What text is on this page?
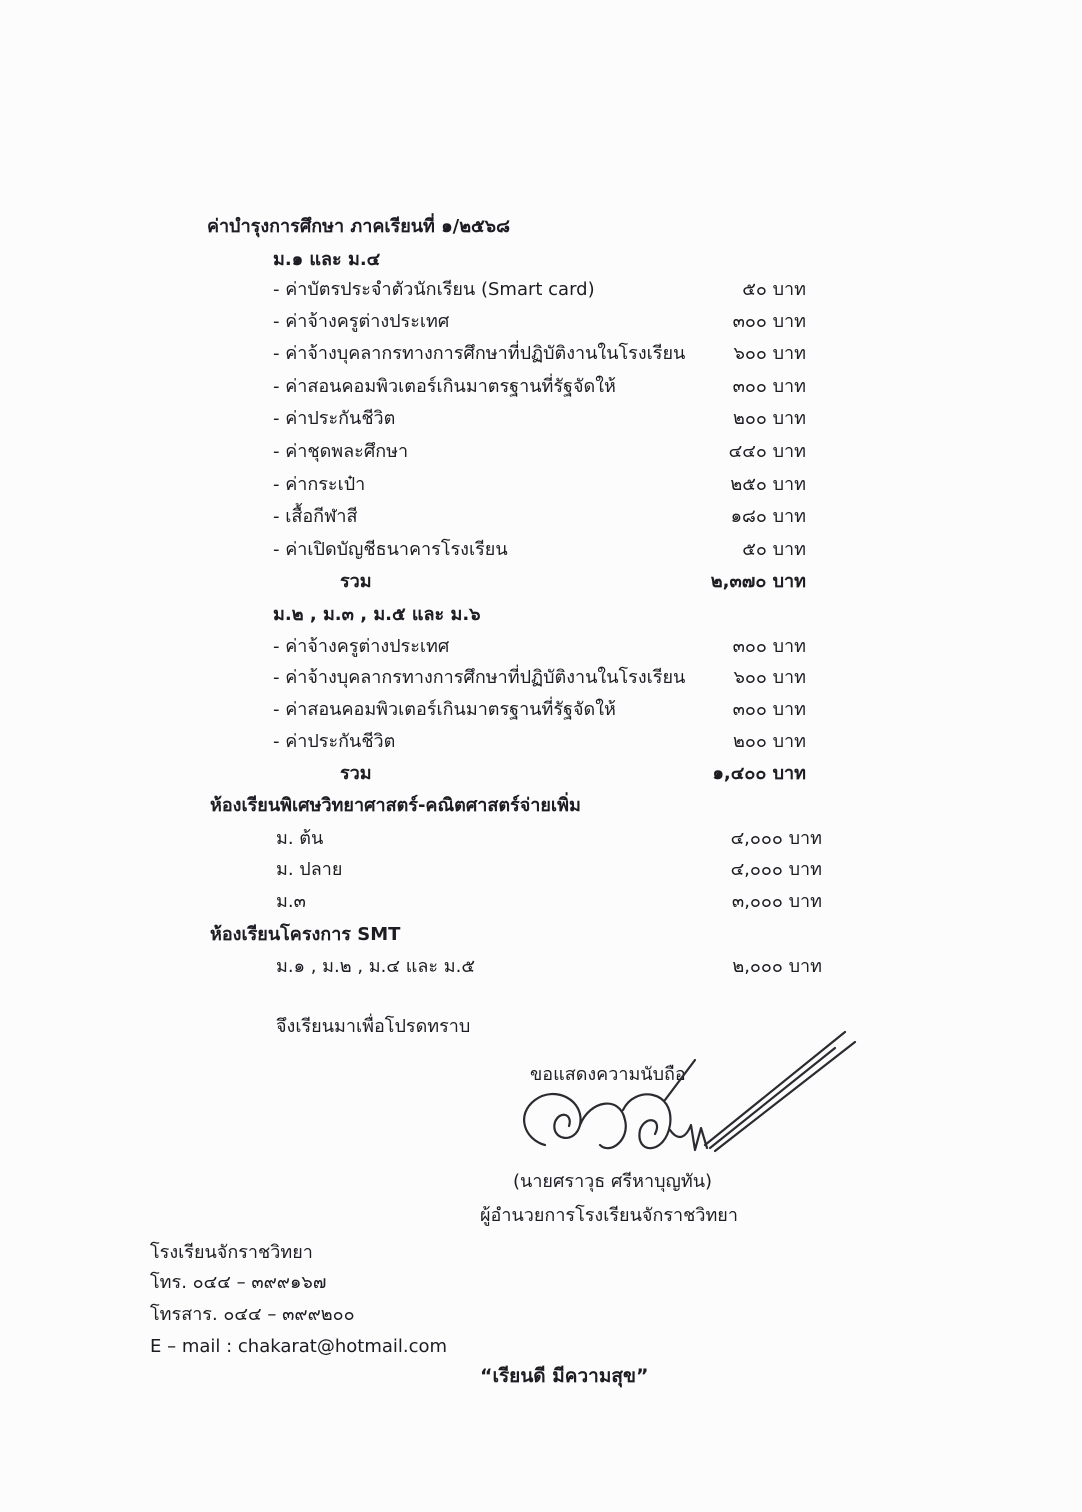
ค่าบำรุงการศึกษา ภาคเรียนที่ ๑/๒๕๖๘
ม.๑ และ ม.๔
- ค่าบัตรประจำตัวนักเรียน (Smart card)	๕๐ บาท
- ค่าจ้างครูต่างประเทศ	๓๐๐ บาท
- ค่าจ้างบุคลากรทางการศึกษาที่ปฏิบัติงานในโรงเรียน	๖๐๐ บาท
- ค่าสอนคอมพิวเตอร์เกินมาตรฐานที่รัฐจัดให้	๓๐๐ บาท
- ค่าประกันชีวิต	๒๐๐ บาท
- ค่าชุดพละศึกษา	๔๔๐ บาท
- ค่ากระเป๋า	๒๕๐ บาท
- เสื้อกีฬาสี	๑๘๐ บาท
- ค่าเปิดบัญชีธนาคารโรงเรียน	๕๐ บาท
รวม	๒,๓๗๐ บาท
ม.๒ , ม.๓ , ม.๕ และ ม.๖
- ค่าจ้างครูต่างประเทศ	๓๐๐ บาท
- ค่าจ้างบุคลากรทางการศึกษาที่ปฏิบัติงานในโรงเรียน	๖๐๐ บาท
- ค่าสอนคอมพิวเตอร์เกินมาตรฐานที่รัฐจัดให้	๓๐๐ บาท
- ค่าประกันชีวิต	๒๐๐ บาท
รวม	๑,๔๐๐ บาท
ห้องเรียนพิเศษวิทยาศาสตร์-คณิตศาสตร์จ่ายเพิ่ม
ม. ต้น	๔,๐๐๐ บาท
ม. ปลาย	๔,๐๐๐ บาท
ม.๓	๓,๐๐๐ บาท
ห้องเรียนโครงการ SMT
ม.๑ , ม.๒ , ม.๔ และ ม.๕	๒,๐๐๐ บาท
จึงเรียนมาเพื่อโปรดทราบ
ขอแสดงความนับถือ
(นายศราวุธ ศรีหาบุญทัน)
ผู้อำนวยการโรงเรียนจักราชวิทยา
โรงเรียนจักราชวิทยา
โทร. ๐๔๔ – ๓๙๙๑๖๗
โทรสาร. ๐๔๔ – ๓๙๙๒๐๐
E – mail : chakarat@hotmail.com
“เรียนดี มีความสุข”
